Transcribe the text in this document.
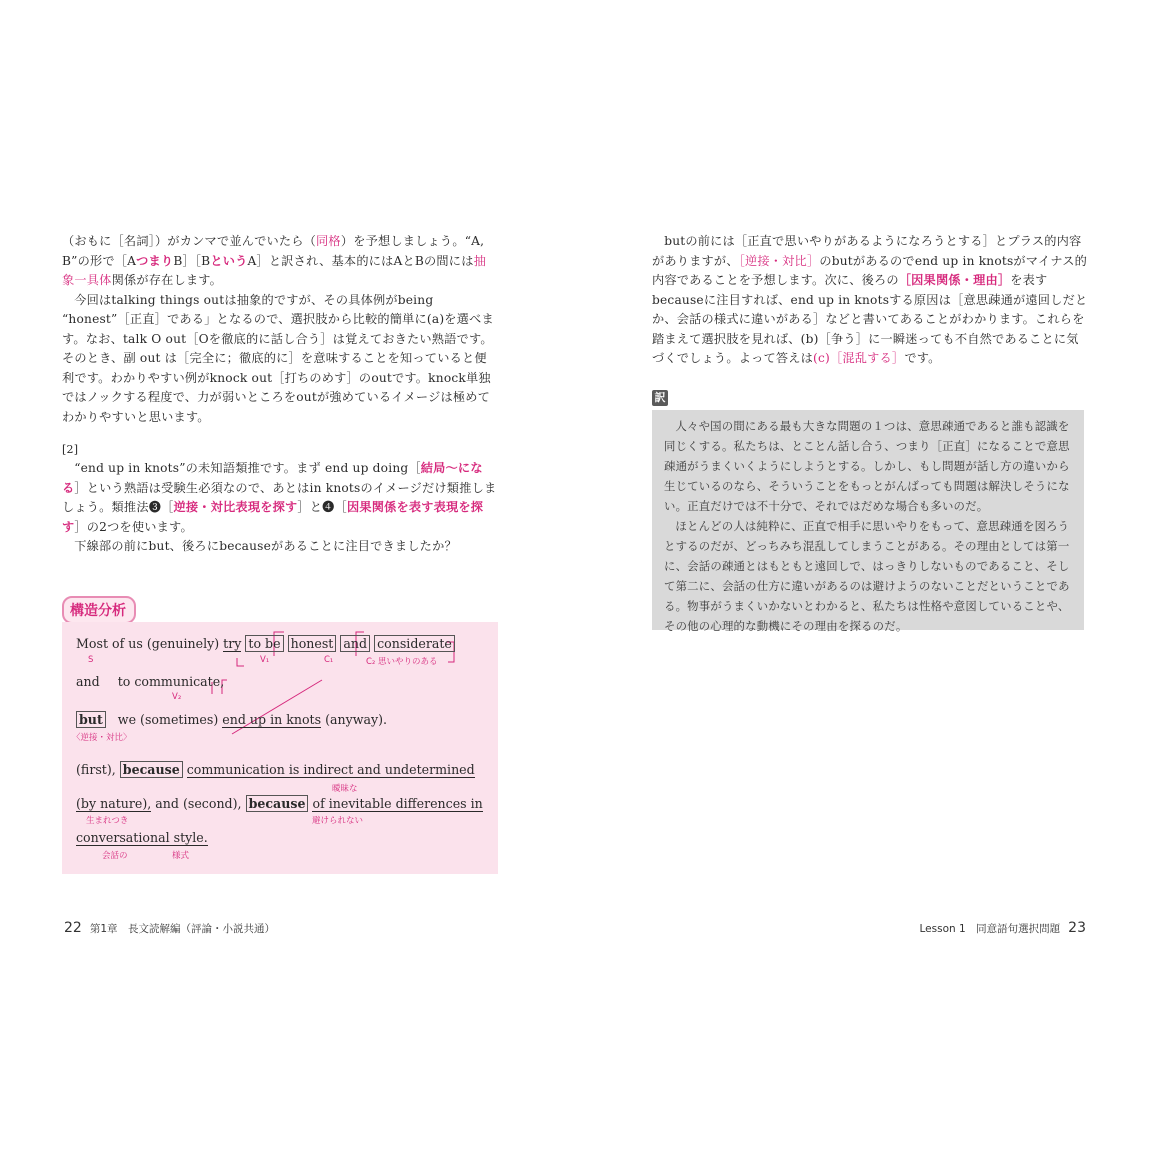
（おもに［名詞］）がカンマで並んでいたら（同格）を予想しましょう。“A, B”の形で［AつまりB］［BというA］と訳され、基本的にはAとBの間には抽象一具体関係が存在します。

今回はtalking things outは抽象的ですが、その具体例がbeing “honest”［正直］である」となるので、選択肢から比較的簡単に(a)を選べます。なお、talk O out［Oを徹底的に話し合う］は覚えておきたい熟語です。そのとき、副 out は［完全に；徹底的に］を意味することを知っていると便利です。わかりやすい例がknock out［打ちのめす］のoutです。knock単独ではノックする程度で、力が弱いところをoutが強めているイメージは極めてわかりやすいと思います。

[2]

“end up in knots”の未知語類推です。まず end up doing［結局～になる］という熟語は受験生必須なので、あとはin knotsのイメージだけ類推しましょう。類推法❸［逆接・対比表現を探す］と❹［因果関係を表す表現を探す］の2つを使います。

下線部の前にbut、後ろにbecauseがあることに注目できましたか？

構造分析
Most of us (genuinely) try to be honest and considerate
S	V₁	C₁	C₂ 思いやりのある
and to communicate,
V₂
but we (sometimes) end up in knots (anyway).
〈逆接・対比〉
(first), because communication is indirect and undetermined
曖昧な
(by nature), and (second), because of inevitable differences in
生まれつき	避けられない
conversational style.
会話の	様式

butの前には［正直で思いやりがあるようになろうとする］とプラス的内容がありますが、［逆接・対比］のbutがあるのでend up in knotsがマイナス的内容であることを予想します。次に、後ろの［因果関係・理由］を表すbecauseに注目すれば、end up in knotsする原因は［意思疎通が遠回しだとか、会話の様式に違いがある］などと書いてあることがわかります。これらを踏まえて選択肢を見れば、(b)［争う］に一瞬迷っても不自然であることに気づくでしょう。よって答えは(c)［混乱する］です。

訳

人々や国の間にある最も大きな問題の１つは、意思疎通であると誰も認識を同じくする。私たちは、とことん話し合う、つまり［正直］になることで意思疎通がうまくいくようにしようとする。しかし、もし問題が話し方の違いから生じているのなら、そういうことをもっとがんばっても問題は解決しそうにない。正直だけでは不十分で、それではだめな場合も多いのだ。

ほとんどの人は純粋に、正直で相手に思いやりをもって、意思疎通を図ろうとするのだが、どっちみち混乱してしまうことがある。その理由としては第一に、会話の疎通とはもともと遠回しで、はっきりしないものであること、そして第二に、会話の仕方に違いがあるのは避けようのないことだということである。物事がうまくいかないとわかると、私たちは性格や意図していることや、その他の心理的な動機にその理由を探るのだ。

22 第1章　長文読解編（評論・小説共通）	Lesson 1　同意語句選択問題 23
